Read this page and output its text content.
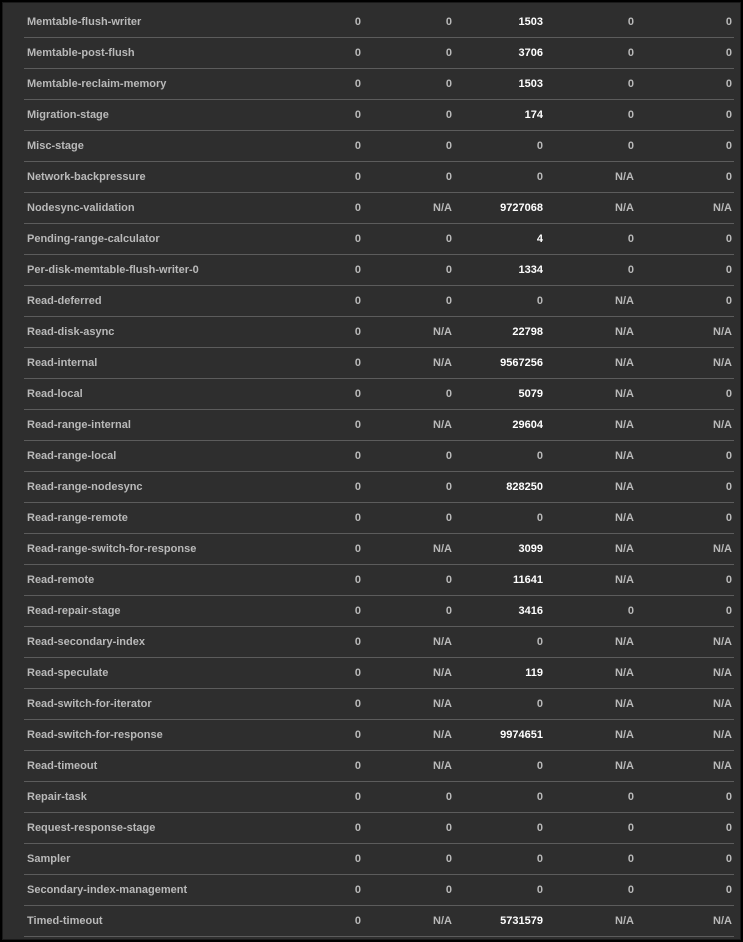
Memtable-flush-writer	0	0	1503	0	0
Memtable-post-flush	0	0	3706	0	0
Memtable-reclaim-memory	0	0	1503	0	0
Migration-stage	0	0	174	0	0
Misc-stage	0	0	0	0	0
Network-backpressure	0	0	0	N/A	0
Nodesync-validation	0	N/A	9727068	N/A	N/A
Pending-range-calculator	0	0	4	0	0
Per-disk-memtable-flush-writer-0	0	0	1334	0	0
Read-deferred	0	0	0	N/A	0
Read-disk-async	0	N/A	22798	N/A	N/A
Read-internal	0	N/A	9567256	N/A	N/A
Read-local	0	0	5079	N/A	0
Read-range-internal	0	N/A	29604	N/A	N/A
Read-range-local	0	0	0	N/A	0
Read-range-nodesync	0	0	828250	N/A	0
Read-range-remote	0	0	0	N/A	0
Read-range-switch-for-response	0	N/A	3099	N/A	N/A
Read-remote	0	0	11641	N/A	0
Read-repair-stage	0	0	3416	0	0
Read-secondary-index	0	N/A	0	N/A	N/A
Read-speculate	0	N/A	119	N/A	N/A
Read-switch-for-iterator	0	N/A	0	N/A	N/A
Read-switch-for-response	0	N/A	9974651	N/A	N/A
Read-timeout	0	N/A	0	N/A	N/A
Repair-task	0	0	0	0	0
Request-response-stage	0	0	0	0	0
Sampler	0	0	0	0	0
Secondary-index-management	0	0	0	0	0
Timed-timeout	0	N/A	5731579	N/A	N/A
